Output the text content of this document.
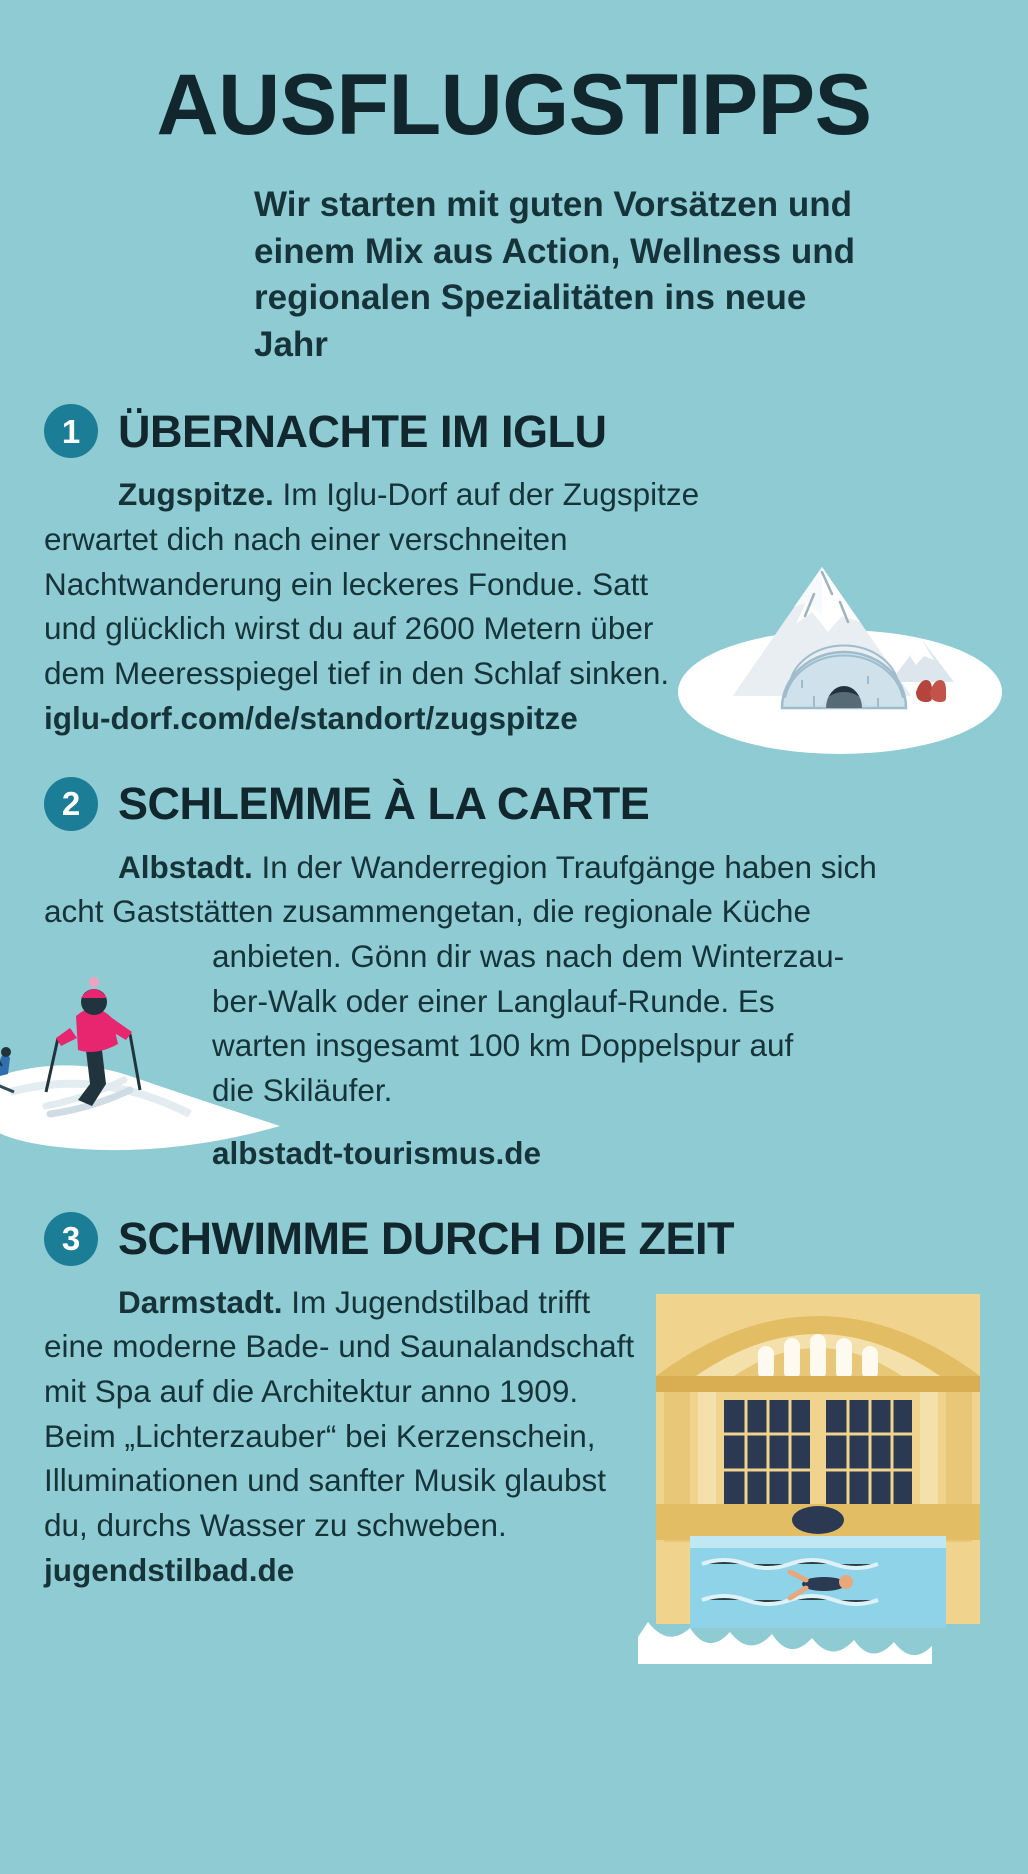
AUSFLUGSTIPPS

Wir starten mit guten Vorsätzen und einem Mix aus Action, Wellness und regionalen Spezialitäten ins neue Jahr

1 ÜBERNACHTE IM IGLU
Zugspitze. Im Iglu-Dorf auf der Zugspitze erwartet dich nach einer verschneiten Nachtwanderung ein leckeres Fondue. Satt und glücklich wirst du auf 2600 Metern über dem Meeresspiegel tief in den Schlaf sinken. iglu-dorf.com/de/standort/zugspitze
2 SCHLEMME À LA CARTE
Albstadt. In der Wanderregion Traufgänge haben sich
acht Gaststätten zusammengetan, die regionale Küche
anbieten. Gönn dir was nach dem Winterzau-
ber-Walk oder einer Langlauf-Runde. Es
warten insgesamt 100 km Doppelspur auf
die Skiläufer.
albstadt-tourismus.de
3 SCHWIMME DURCH DIE ZEIT
Darmstadt. Im Jugendstilbad trifft eine moderne Bade- und Saunalandschaft mit Spa auf die Architektur anno 1909. Beim „Lichterzauber“ bei Kerzenschein, Illuminationen und sanfter Musik glaubst du, durchs Wasser zu schweben. jugendstilbad.de
